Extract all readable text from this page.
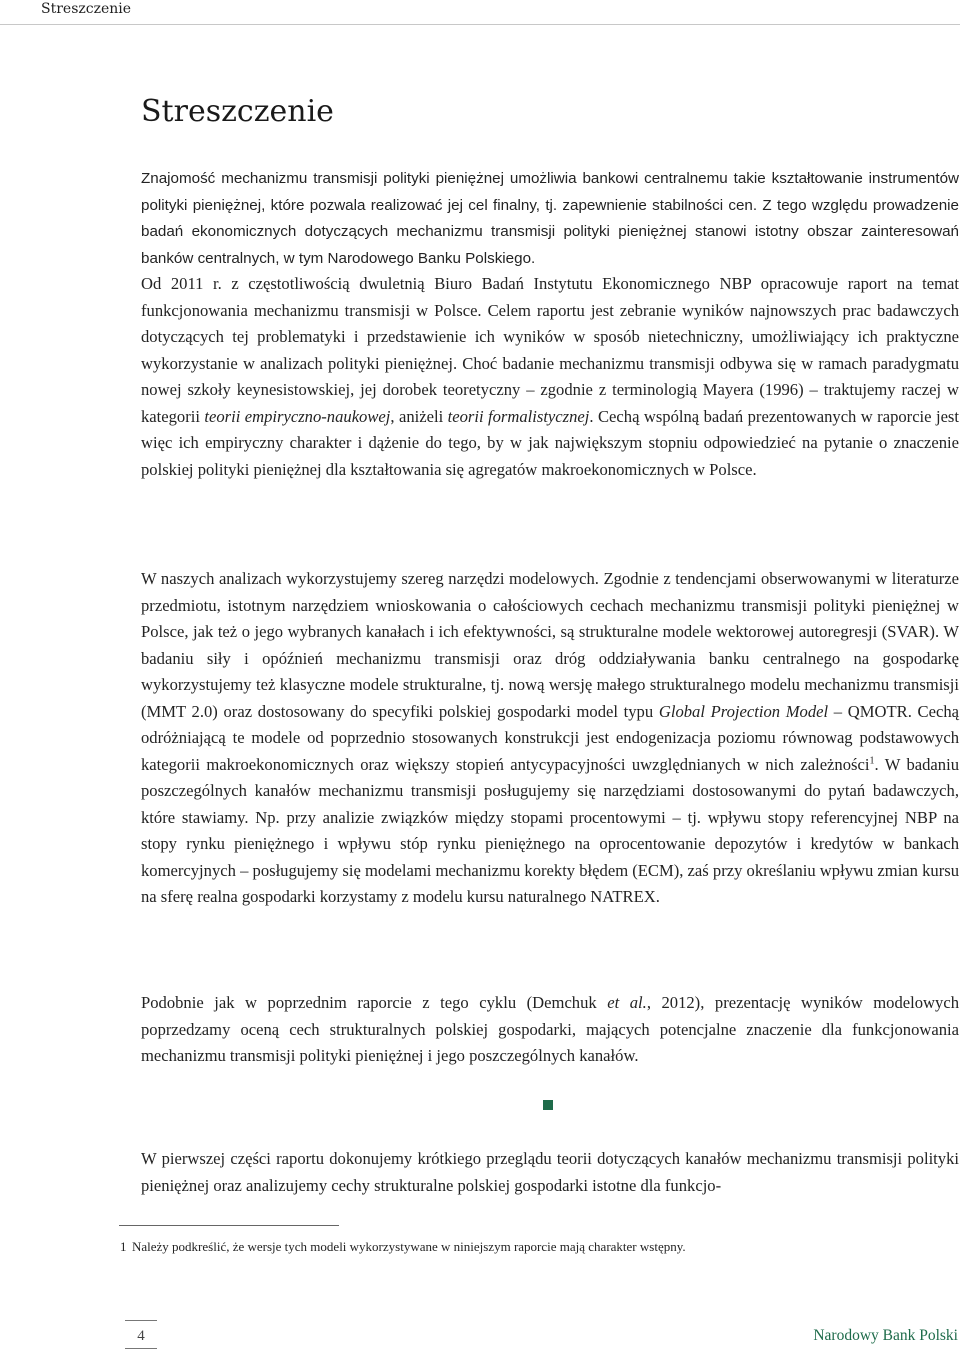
Streszczenie
Streszczenie

Znajomość mechanizmu transmisji polityki pieniężnej umożliwia bankowi centralnemu takie kształtowanie instrumentów polityki pieniężnej, które pozwala realizować jej cel finalny, tj. zapewnienie stabilności cen. Z tego względu prowadzenie badań ekonomicznych dotyczących mechanizmu transmisji polityki pieniężnej stanowi istotny obszar zainteresowań banków centralnych, w tym Narodowego Banku Polskiego.

Od 2011 r. z częstotliwością dwuletnią Biuro Badań Instytutu Ekonomicznego NBP opracowuje raport na temat funkcjonowania mechanizmu transmisji w Polsce. Celem raportu jest zebranie wyników najnowszych prac badawczych dotyczących tej problematyki i przedstawienie ich wyników w sposób nietechniczny, umożliwiający ich praktyczne wykorzystanie w analizach polityki pieniężnej. Choć badanie mechanizmu transmisji odbywa się w ramach paradygmatu nowej szkoły keynesistowskiej, jej dorobek teoretyczny – zgodnie z terminologią Mayera (1996) – traktujemy raczej w kategorii teorii empiryczno-naukowej, aniżeli teorii formalistycznej. Cechą wspólną badań prezentowanych w raporcie jest więc ich empiryczny charakter i dążenie do tego, by w jak największym stopniu odpowiedzieć na pytanie o znaczenie polskiej polityki pieniężnej dla kształtowania się agregatów makroekonomicznych w Polsce.

W naszych analizach wykorzystujemy szereg narzędzi modelowych. Zgodnie z tendencjami obserwowanymi w literaturze przedmiotu, istotnym narzędziem wnioskowania o całościowych cechach mechanizmu transmisji polityki pieniężnej w Polsce, jak też o jego wybranych kanałach i ich efektywności, są strukturalne modele wektorowej autoregresji (SVAR). W badaniu siły i opóźnień mechanizmu transmisji oraz dróg oddziaływania banku centralnego na gospodarkę wykorzystujemy też klasyczne modele strukturalne, tj. nową wersję małego strukturalnego modelu mechanizmu transmisji (MMT 2.0) oraz dostosowany do specyfiki polskiej gospodarki model typu Global Projection Model – QMOTR. Cechą odróżniającą te modele od poprzednio stosowanych konstrukcji jest endogenizacja poziomu równowag podstawowych kategorii makroekonomicznych oraz większy stopień antycypacyjności uwzględnianych w nich zależności$^1$. W badaniu poszczególnych kanałów mechanizmu transmisji posługujemy się narzędziami dostosowanymi do pytań badawczych, które stawiamy. Np. przy analizie związków między stopami procentowymi – tj. wpływu stopy referencyjnej NBP na stopy rynku pieniężnego i wpływu stóp rynku pieniężnego na oprocentowanie depozytów i kredytów w bankach komercyjnych – posługujemy się modelami mechanizmu korekty błędem (ECM), zaś przy określaniu wpływu zmian kursu na sferę realna gospodarki korzystamy z modelu kursu naturalnego NATREX.

Podobnie jak w poprzednim raporcie z tego cyklu (Demchuk et al., 2012), prezentację wyników modelowych poprzedzamy oceną cech strukturalnych polskiej gospodarki, mających potencjalne znaczenie dla funkcjonowania mechanizmu transmisji polityki pieniężnej i jego poszczególnych kanałów.

W pierwszej części raportu dokonujemy krótkiego przeglądu teorii dotyczących kanałów mechanizmu transmisji polityki pieniężnej oraz analizujemy cechy strukturalne polskiej gospodarki istotne dla funkcjo-

1 Należy podkreślić, że wersje tych modeli wykorzystywane w niniejszym raporcie mają charakter wstępny.
4	Narodowy Bank Polski
